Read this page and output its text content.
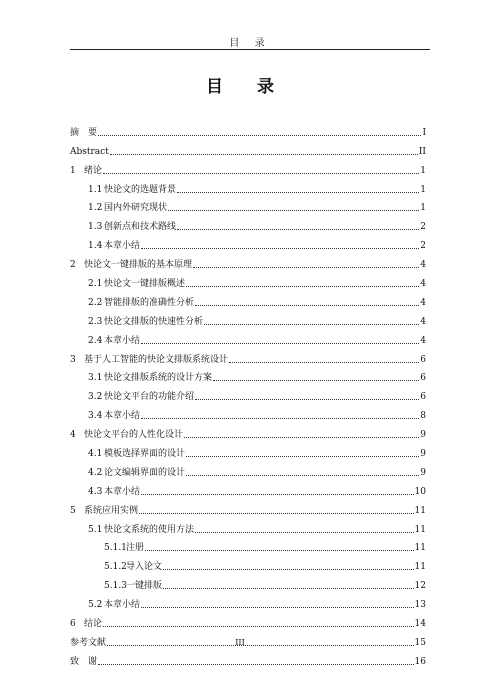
目 录
目 录
摘　要	I
Abstract	II
1 绪论	1
1.1 快论文的选题背景	1
1.2 国内外研究现状	1
1.3 创新点和技术路线	2
1.4 本章小结	2
2 快论文一键排版的基本原理	4
2.1 快论文一键排版概述	4
2.2 智能排版的准确性分析	4
2.3 快论文排版的快速性分析	4
2.4 本章小结	4
3 基于人工智能的快论文排版系统设计	6
3.1 快论文排版系统的设计方案	6
3.2 快论文平台的功能介绍	6
3.4 本章小结	8
4 快论文平台的人性化设计	9
4.1 模板选择界面的设计	9
4.2 论文编辑界面的设计	9
4.3 本章小结	10
5 系统应用实例	11
5.1 快论文系统的使用方法	11
5.1.1注册	11
5.1.2导入论文	11
5.1.3一键排版	12
5.2 本章小结	13
6 结论	14
参考文献	15
致　谢	16
III
